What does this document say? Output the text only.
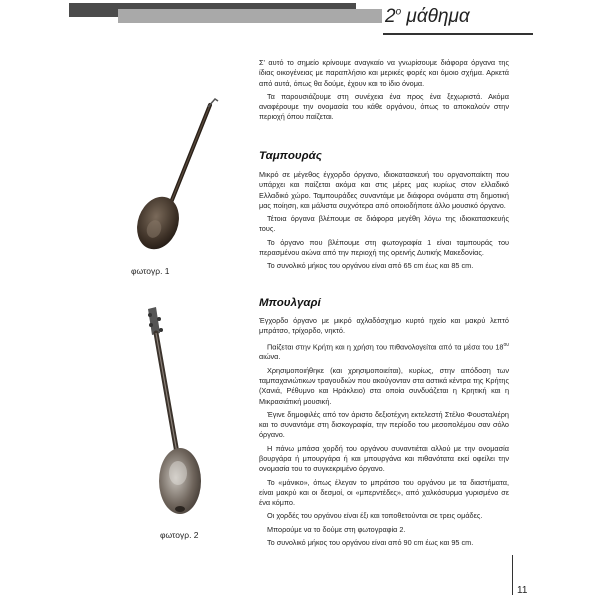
$2^o$ μάθημα

Σ' αυτό το σημείο κρίνουμε αναγκαίο να γνωρίσουμε διάφορα όργανα της ίδιας οικογένειας με παραπλήσιο και μερικές φορές και όμοιο σχήμα. Αρκετά από αυτά, όπως θα δούμε, έχουν και το ίδιο όνομα.

Τα παρουσιάζουμε στη συνέχεια ένα προς ένα ξεχωριστά. Ακόμα αναφέρουμε την ονομασία του κάθε οργάνου, όπως το αποκαλούν στην περιοχή όπου παίζεται.

Ταμπουράς

Μικρό σε μέγεθος έγχορδο όργανο, ιδιοκατασκευή του οργανοπαίκτη που υπάρχει και παίζεται ακόμα και στις μέρες μας κυρίως στον ελλαδικό Ελλαδικό χώρο. Ταμπουράδες συναντάμε με διάφορα ονόματα στη δημοτική μας ποίηση, και μάλιστα συχνότερα από οποιοδήποτε άλλο μουσικό όργανο.

Τέτοια όργανα βλέπουμε σε διάφορα μεγέθη λόγω της ιδιοκατασκευής τους.

Το όργανο που βλέπουμε στη φωτογραφία 1 είναι ταμπουράς του περασμένου αιώνα από την περιοχή της ορεινής Δυτικής Μακεδονίας.

Το συνολικό μήκος του οργάνου είναι από 65 cm έως και 85 cm.

Μπουλγαρί

Έγχορδο όργανο με μικρό αχλαδόσχημο κυρτό ηχείο και μακρύ λεπτό μπράτσο, τρίχορδο, νηκτό.

Παίζεται στην Κρήτη και η χρήση του πιθανολογείται από τα μέσα του $18^{o\upsilon}$ αιώνα.

Χρησιμοποιήθηκε (και χρησιμοποιείται), κυρίως, στην απόδοση των ταμπαχανιώτικων τραγουδιών που ακούγονταν στα αστικά κέντρα της Κρήτης (Χανιά, Ρέθυμνο και Ηράκλειο) στα οποία συνδυάζεται η Κρητική και η Μικρασιάτική μουσική.

Έγινε δημοφιλές από τον άριστο δεξιοτέχνη εκτελεστή Στέλιο Φουσταλιέρη και το συναντάμε στη δισκογραφία, την περίοδο του μεσοπολέμου σαν σόλο όργανο.

Η πάνω μπάσα χορδή του οργάνου συναντιέται αλλού με την ονομασία βουργάρα ή μπουργάρα ή και μπουργάνα και πιθανότατα εκεί οφείλει την ονομασία του το συγκεκριμένο όργανο.

Το «μάνικο», όπως έλεγαν το μπράτσο του οργάνου με τα διαστήματα, είναι μακρύ και οι δεσμοί, οι «μπερντέδες», από χαλκόσυρμα γυρισμένο σε ένα κόμπο.

Οι χορδές του οργάνου είναι έξι και τοποθετούνται σε τρεις ομάδες.

Μπορούμε να το δούμε στη φωτογραφία 2.

Το συνολικό μήκος του οργάνου είναι από 90 cm έως και 95 cm.

φωτογρ. 1
φωτογρ. 2
11
